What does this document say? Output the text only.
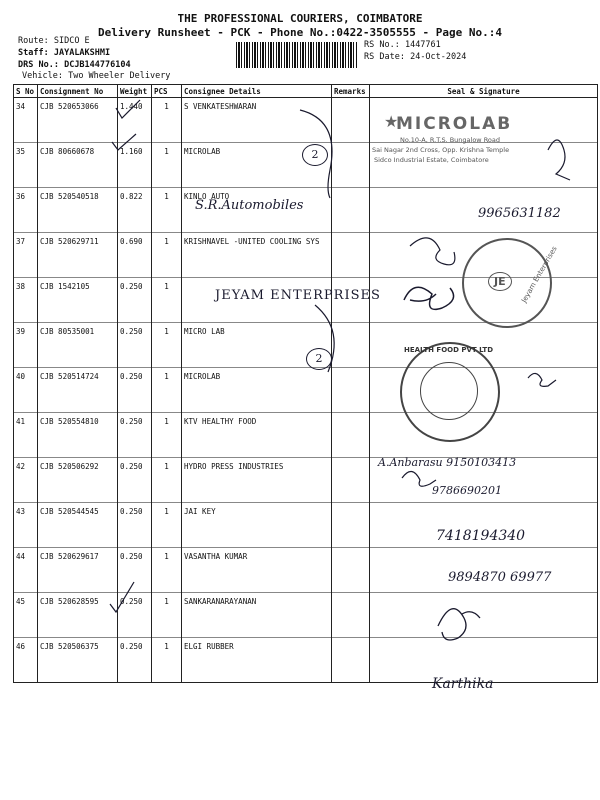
THE PROFESSIONAL COURIERS, COIMBATORE
Delivery Runsheet - PCK - Phone No.:0422-3505555 - Page No.:4
Route: SIDCO E
Staff: JAYALAKSHMI
DRS No.: DCJB144776104
Vehicle: Two Wheeler Delivery
RS No.: 1447761
RS Date: 24-Oct-2024
S No	Consignment No	Weight	PCS	Consignee Details	Remarks	Seal & Signature
34	CJB 520653066	1.440	1	S VENKATESHWARAN		
35	CJB 80660678	1.160	1	MICROLAB		
36	CJB 520540518	0.822	1	KINLO AUTO		
37	CJB 520629711	0.690	1	KRISHNAVEL -UNITED COOLING SYS		
38	CJB 1542105	0.250	1			
39	CJB 80535001	0.250	1	MICRO LAB		
40	CJB 520514724	0.250	1	MICROLAB		
41	CJB 520554810	0.250	1	KTV HEALTHY FOOD		
42	CJB 520506292	0.250	1	HYDRO PRESS INDUSTRIES		
43	CJB 520544545	0.250	1	JAI KEY		
44	CJB 520629617	0.250	1	VASANTHA KUMAR		
45	CJB 520628595	0.250	1	SANKARANARAYANAN		
46	CJB 520506375	0.250	1	ELGI RUBBER		
S.R.Automobiles
JEYAM ENTERPRISES
9965631182
A.Anbarasu 9150103413
9786690201
7418194340
9894870 69977
Karthika
2
2
MICROLAB
★
No.10-A, R.T.S. Bungalow Road
Sai Nagar 2nd Cross, Opp. Krishna Temple
Sidco Industrial Estate, Coimbatore
JE	Jeyam Enterprises
HEALTH FOOD PVT LTD
